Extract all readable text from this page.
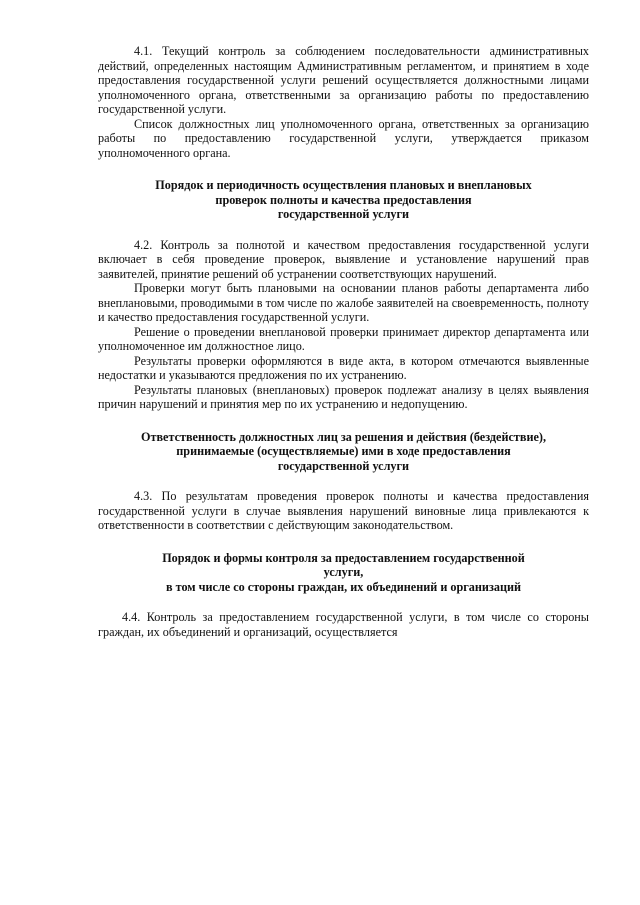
4.1. Текущий контроль за соблюдением последовательности административных действий, определенных настоящим Административным регламентом, и принятием в ходе предоставления государственной услуги решений осуществляется должностными лицами уполномоченного органа, ответственными за организацию работы по предоставлению государственной услуги.

Список должностных лиц уполномоченного органа, ответственных за организацию работы по предоставлению государственной услуги, утверждается приказом уполномоченного органа.

Порядок и периодичность осуществления плановых и внеплановых
проверок полноты и качества предоставления
государственной услуги

4.2. Контроль за полнотой и качеством предоставления государственной услуги включает в себя проведение проверок, выявление и установление нарушений прав заявителей, принятие решений об устранении соответствующих нарушений.

Проверки могут быть плановыми на основании планов работы департамента либо внеплановыми, проводимыми в том числе по жалобе заявителей на своевременность, полноту и качество предоставления государственной услуги.

Решение о проведении внеплановой проверки принимает директор департамента или уполномоченное им должностное лицо.

Результаты проверки оформляются в виде акта, в котором отмечаются выявленные недостатки и указываются предложения по их устранению.

Результаты плановых (внеплановых) проверок подлежат анализу в целях выявления причин нарушений и принятия мер по их устранению и недопущению.

Ответственность должностных лиц за решения и действия (бездействие),
принимаемые (осуществляемые) ими в ходе предоставления
государственной услуги

4.3. По результатам проведения проверок полноты и качества предоставления государственной услуги в случае выявления нарушений виновные лица привлекаются к ответственности в соответствии с действующим законодательством.

Порядок и формы контроля за предоставлением государственной
услуги,
в том числе со стороны граждан, их объединений и организаций

4.4. Контроль за предоставлением государственной услуги, в том числе со стороны граждан, их объединений и организаций, осуществляется
